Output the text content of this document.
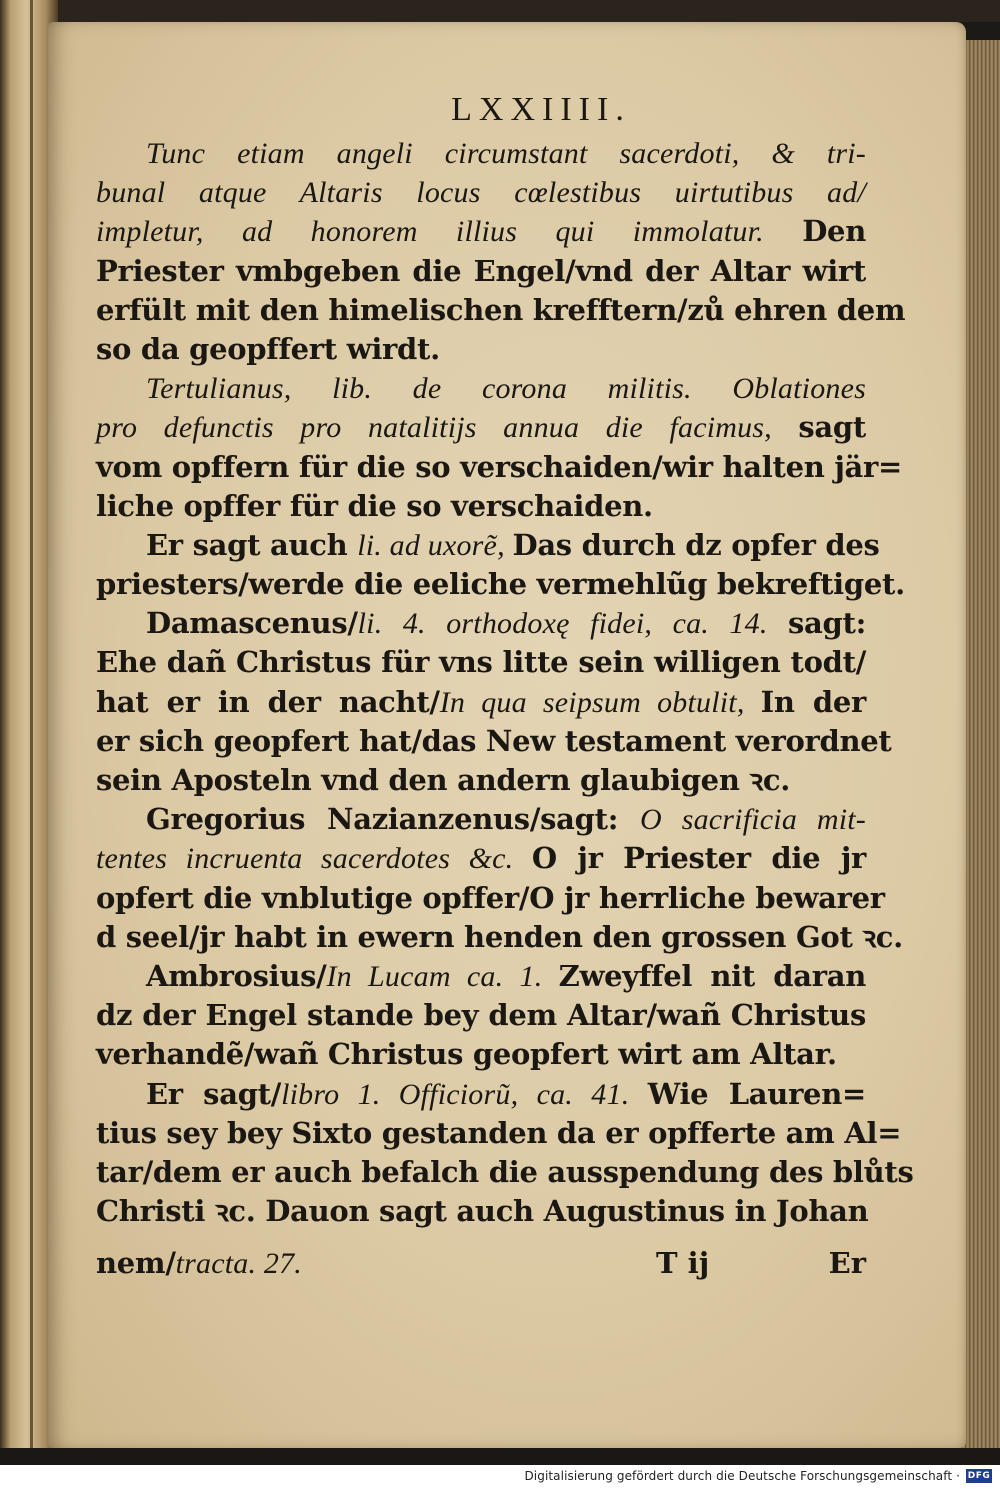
LXXIIII.
Tunc etiam angeli circumstant sacerdoti, & tri-
bunal atque Altaris locus cœlestibus uirtutibus ad/
impletur, ad honorem illius qui immolatur. Den
Priester vmbgeben die Engel/vnd der Altar wirt
erfült mit den himelischen krefftern/zů ehren dem
so da geopffert wirdt.
Tertulianus, lib. de corona militis. Oblationes
pro defunctis pro natalitijs annua die facimus, sagt
vom opffern für die so verschaiden/wir halten jär=
liche opffer für die so verschaiden.
Er sagt auch li. ad uxorẽ, Das durch dz opfer des
priesters/werde die eeliche vermehlũg bekreftiget.
Damascenus/li. 4. orthodoxę fidei, ca. 14. sagt:
Ehe dañ Christus für vns litte sein willigen todt/
hat er in der nacht/In qua seipsum obtulit, In der
er sich geopfert hat/das New testament verordnet
sein Aposteln vnd den andern glaubigen ꝛc.
Gregorius Nazianzenus/sagt: O sacrificia mit-
tentes incruenta sacerdotes &c. O jr Priester die jr
opfert die vnblutige opffer/O jr herrliche bewarer
d seel/jr habt in ewern henden den grossen Got ꝛc.
Ambrosius/In Lucam ca. 1. Zweyffel nit daran
dz der Engel stande bey dem Altar/wañ Christus
verhandẽ/wañ Christus geopfert wirt am Altar.
Er sagt/libro 1. Officiorũ, ca. 41. Wie Lauren=
tius sey bey Sixto gestanden da er opfferte am Al=
tar/dem er auch befalch die ausspendung des blůts
Christi ꝛc. Dauon sagt auch Augustinus in Johan
nem/tracta. 27.	T ij	Er
Digitalisierung gefördert durch die Deutsche Forschungsgemeinschaft · DFG
